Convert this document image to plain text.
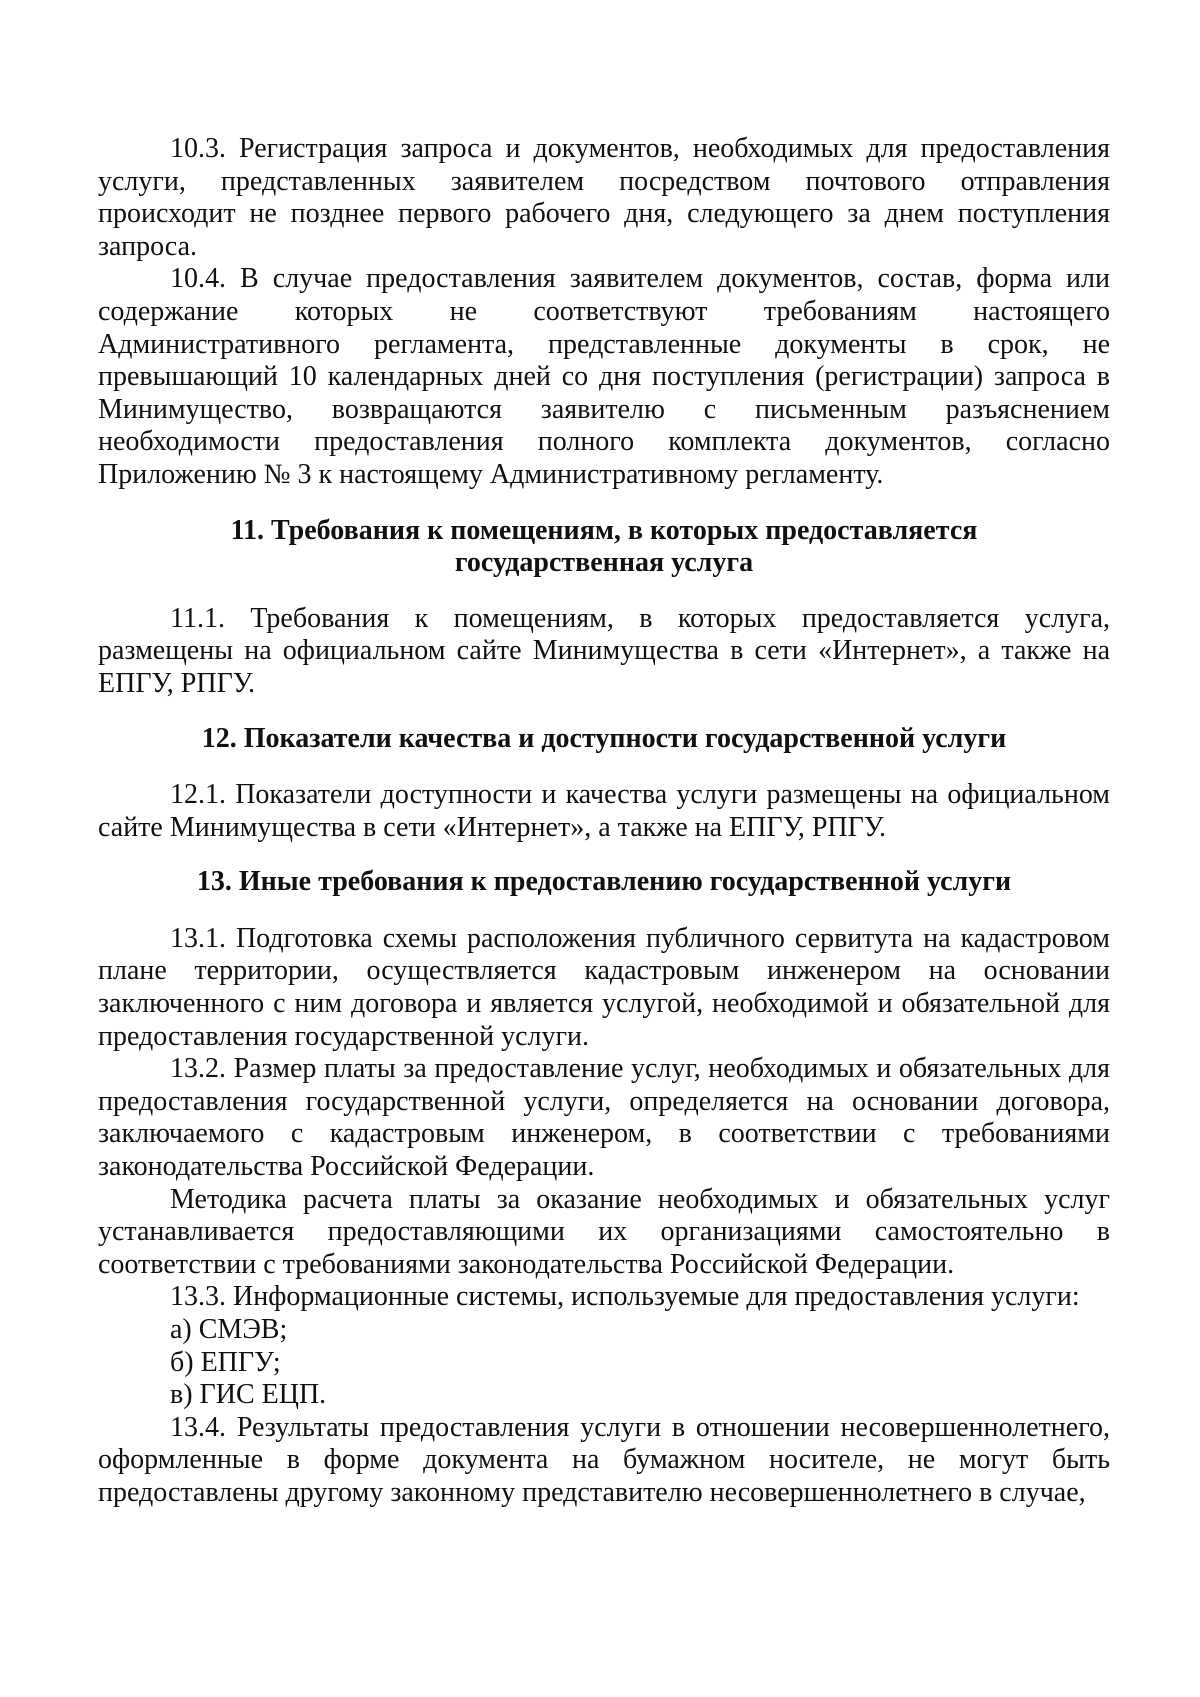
10.3. Регистрация запроса и документов, необходимых для предоставления услуги, представленных заявителем посредством почтового отправления происходит не позднее первого рабочего дня, следующего за днем поступления запроса.

10.4. В случае предоставления заявителем документов, состав, форма или содержание которых не соответствуют требованиям настоящего Административного регламента, представленные документы в срок, не превышающий 10 календарных дней со дня поступления (регистрации) запроса в Минимущество, возвращаются заявителю с письменным разъяснением необходимости предоставления полного комплекта документов, согласно Приложению № 3 к настоящему Административному регламенту.

11. Требования к помещениям, в которых предоставляется
государственная услуга

11.1. Требования к помещениям, в которых предоставляется услуга, размещены на официальном сайте Минимущества в сети «Интернет», а также на ЕПГУ, РПГУ.

12. Показатели качества и доступности государственной услуги

12.1. Показатели доступности и качества услуги размещены на официальном сайте Минимущества в сети «Интернет», а также на ЕПГУ, РПГУ.

13. Иные требования к предоставлению государственной услуги

13.1. Подготовка схемы расположения публичного сервитута на кадастровом плане территории, осуществляется кадастровым инженером на основании заключенного с ним договора и является услугой, необходимой и обязательной для предоставления государственной услуги.

13.2. Размер платы за предоставление услуг, необходимых и обязательных для предоставления государственной услуги, определяется на основании договора, заключаемого с кадастровым инженером, в соответствии с требованиями законодательства Российской Федерации.

Методика расчета платы за оказание необходимых и обязательных услуг устанавливается предоставляющими их организациями самостоятельно в соответствии с требованиями законодательства Российской Федерации.

13.3. Информационные системы, используемые для предоставления услуги:

а) СМЭВ;

б) ЕПГУ;

в) ГИС ЕЦП.

13.4. Результаты предоставления услуги в отношении несовершеннолетнего, оформленные в форме документа на бумажном носителе, не могут быть предоставлены другому законному представителю несовершеннолетнего в случае,
